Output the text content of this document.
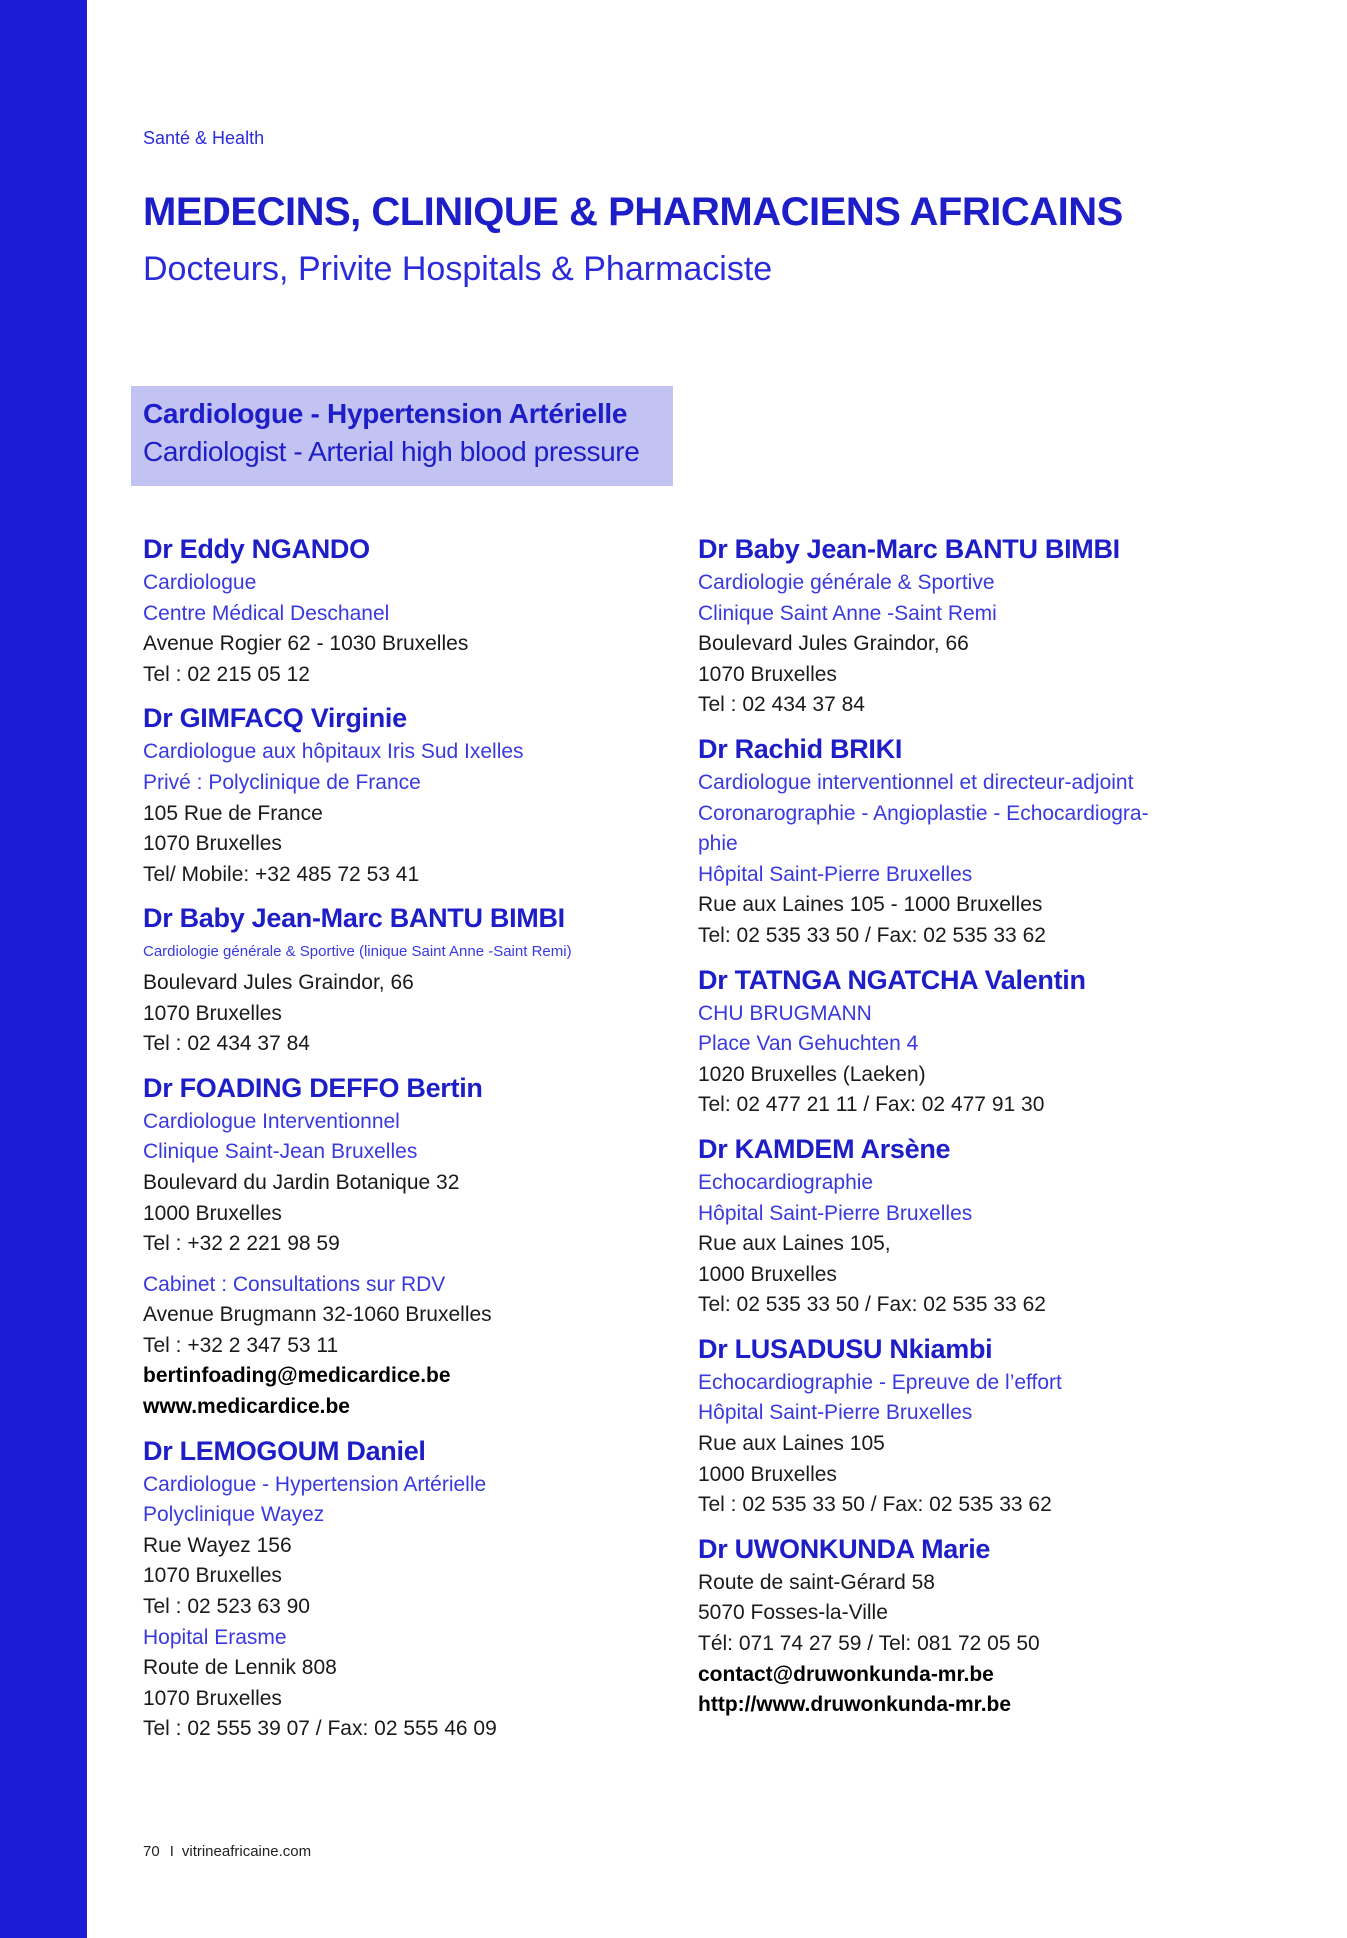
Santé & Health
MEDECINS, CLINIQUE & PHARMACIENS AFRICAINS
Docteurs, Privite Hospitals & Pharmaciste
Cardiologue - Hypertension Artérielle
Cardiologist - Arterial high blood pressure
Dr Eddy NGANDO
Cardiologue
Centre Médical Deschanel
Avenue Rogier 62 - 1030 Bruxelles
Tel : 02 215 05 12
Dr GIMFACQ Virginie
Cardiologue aux hôpitaux Iris Sud Ixelles
Privé : Polyclinique de France
105 Rue de France
1070 Bruxelles
Tel/ Mobile: +32 485 72 53 41
Dr Baby Jean-Marc BANTU BIMBI
Cardiologie générale & Sportive (linique Saint Anne -Saint Remi)
Boulevard Jules Graindor, 66
1070 Bruxelles
Tel : 02 434 37 84
Dr FOADING DEFFO Bertin
Cardiologue Interventionnel
Clinique Saint-Jean Bruxelles
Boulevard du Jardin Botanique 32
1000 Bruxelles
Tel : +32 2 221 98 59
Cabinet : Consultations sur RDV
Avenue Brugmann 32-1060 Bruxelles
Tel : +32 2 347 53 11
bertinfoading@medicardice.be
www.medicardice.be
Dr LEMOGOUM Daniel
Cardiologue - Hypertension Artérielle
Polyclinique Wayez
Rue Wayez 156
1070 Bruxelles
Tel : 02 523 63 90
Hopital Erasme
Route de Lennik 808
1070 Bruxelles
Tel : 02 555 39 07 / Fax: 02 555 46 09
Dr Baby Jean-Marc BANTU BIMBI
Cardiologie générale & Sportive
Clinique Saint Anne -Saint Remi
Boulevard Jules Graindor, 66
1070 Bruxelles
Tel : 02 434 37 84
Dr Rachid BRIKI
Cardiologue interventionnel et directeur-adjoint
Coronarographie - Angioplastie - Echocardiogra-
phie
Hôpital Saint-Pierre Bruxelles
Rue aux Laines 105 - 1000 Bruxelles
Tel: 02 535 33 50 / Fax: 02 535 33 62
Dr TATNGA NGATCHA Valentin
CHU BRUGMANN
Place Van Gehuchten 4
1020 Bruxelles (Laeken)
Tel: 02 477 21 11 / Fax: 02 477 91 30
Dr KAMDEM Arsène
Echocardiographie
Hôpital Saint-Pierre Bruxelles
Rue aux Laines 105,
1000 Bruxelles
Tel: 02 535 33 50 / Fax: 02 535 33 62
Dr LUSADUSU Nkiambi
Echocardiographie - Epreuve de l’effort
Hôpital Saint-Pierre Bruxelles
Rue aux Laines 105
1000 Bruxelles
Tel : 02 535 33 50 / Fax: 02 535 33 62
Dr UWONKUNDA Marie
Route de saint-Gérard 58
5070 Fosses-la-Ville
Tél: 071 74 27 59 / Tel: 081 72 05 50
contact@druwonkunda-mr.be
http://www.druwonkunda-mr.be
70 I vitrineafricaine.com
